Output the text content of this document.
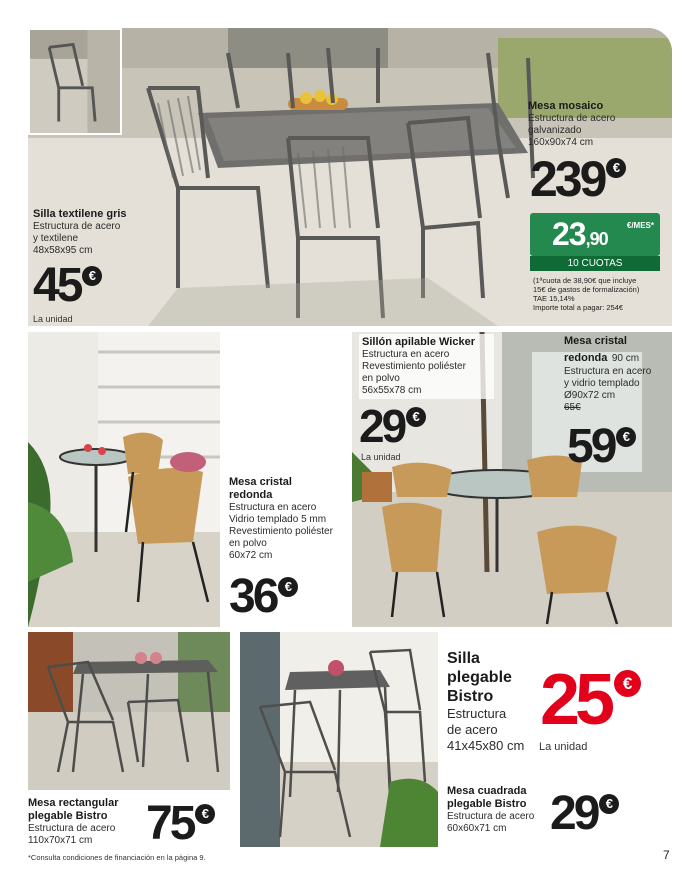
Silla textilene gris
Estructura de acero
y textilene
48x58x95 cm
45 €
La unidad
Mesa mosaico
Estructura de acero
galvanizado
160x90x74 cm
239 €
23,90
€/MES*
10 CUOTAS
(1ªcuota de 38,90€ que incluye
15€ de gastos de formalización)
TAE 15,14%
Importe total a pagar: 254€
Mesa cristal
redonda
Estructura en acero
Vidrio templado 5 mm
Revestimiento poliéster
en polvo
60x72 cm
36 €
Sillón apilable Wicker
Estructura en acero
Revestimiento poliéster
en polvo
56x55x78 cm
29 €
La unidad
Mesa cristal
redonda 90 cm
Estructura en acero
y vidrio templado
Ø90x72 cm
65€
59 €
Mesa rectangular
plegable Bistro
Estructura de acero
110x70x71 cm	75 €
*Consulta condiciones de financiación en la página 9.
Silla
plegable
Bistro
Estructura
de acero
41x45x80 cm
25 €
La unidad
Mesa cuadrada
plegable Bistro
Estructura de acero
60x60x71 cm 29 €
7
